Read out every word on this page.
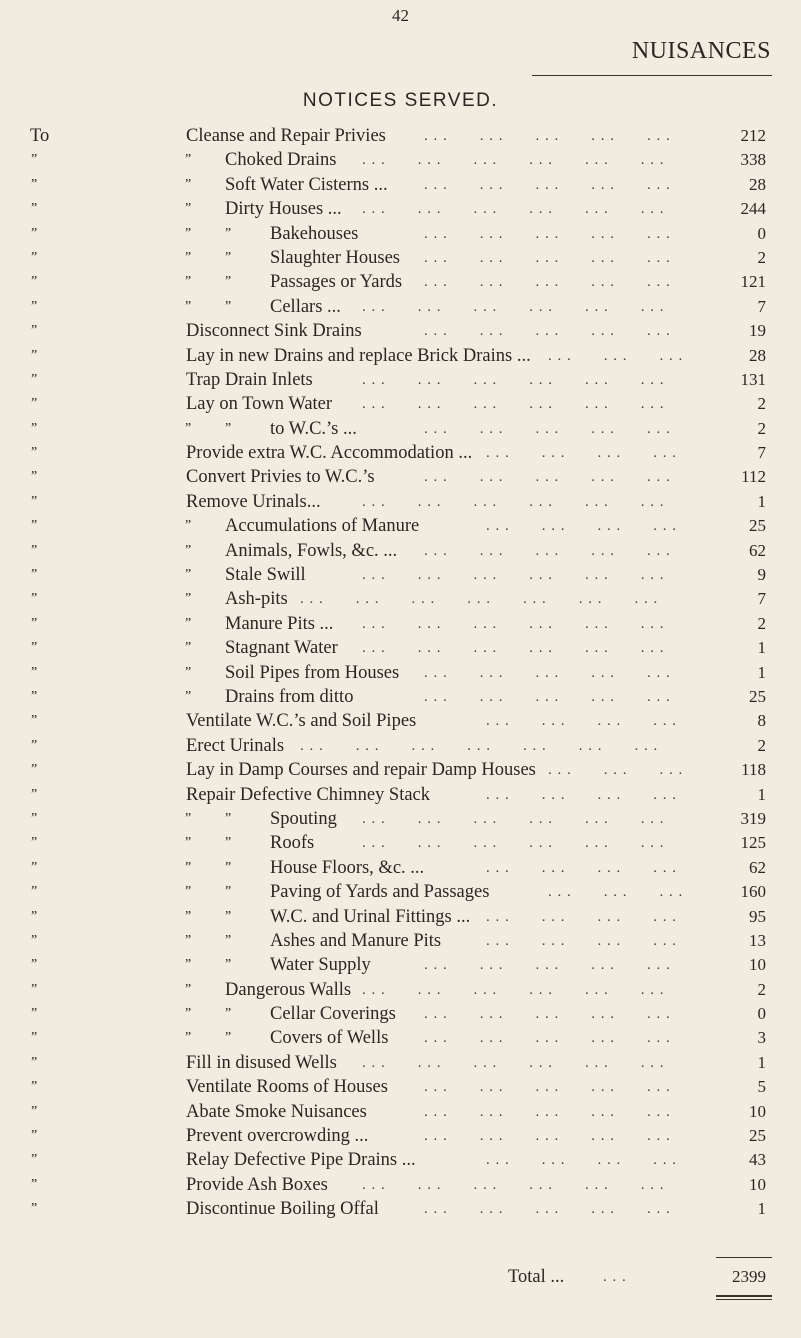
42
NUISANCES
NOTICES SERVED.
To	Cleanse and Repair Privies	212
. . .  . . .  . . .  . . .  . . .
”	” Choked Drains	338
. . .  . . .  . . .  . . .  . . .  . . .
”	” Soft Water Cisterns ...	28
. . .  . . .  . . .  . . .  . . .
”	” Dirty Houses ...	244
. . .  . . .  . . .  . . .  . . .  . . .
”	” ” Bakehouses	0
. . .  . . .  . . .  . . .  . . .
”	” ” Slaughter Houses	2
. . .  . . .  . . .  . . .  . . .
”	” ” Passages or Yards	121
. . .  . . .  . . .  . . .  . . .
”	” ” Cellars ...	7
. . .  . . .  . . .  . . .  . . .  . . .
”	Disconnect Sink Drains	19
. . .  . . .  . . .  . . .  . . .
”	Lay in new Drains and replace Brick Drains ...	28
. . .  . . .  . . .
”	Trap Drain Inlets	131
. . .  . . .  . . .  . . .  . . .  . . .
”	Lay on Town Water	2
. . .  . . .  . . .  . . .  . . .  . . .
”	” ” to W.C.’s ...	2
. . .  . . .  . . .  . . .  . . .
”	Provide extra W.C. Accommodation ...	7
. . .  . . .  . . .  . . .
”	Convert Privies to W.C.’s	112
. . .  . . .  . . .  . . .  . . .
”	Remove Urinals...	1
. . .  . . .  . . .  . . .  . . .  . . .
”	” Accumulations of Manure	25
. . .  . . .  . . .  . . .
”	” Animals, Fowls, &c. ...	62
. . .  . . .  . . .  . . .  . . .
”	” Stale Swill	9
. . .  . . .  . . .  . . .  . . .  . . .
”	” Ash-pits	7
. . .  . . .  . . .  . . .  . . .  . . .  . . .
”	” Manure Pits ...	2
. . .  . . .  . . .  . . .  . . .  . . .
”	” Stagnant Water	1
. . .  . . .  . . .  . . .  . . .  . . .
”	” Soil Pipes from Houses	1
. . .  . . .  . . .  . . .  . . .
”	” Drains from ditto	25
. . .  . . .  . . .  . . .  . . .
”	Ventilate W.C.’s and Soil Pipes	8
. . .  . . .  . . .  . . .
”	Erect Urinals	2
. . .  . . .  . . .  . . .  . . .  . . .  . . .
”	Lay in Damp Courses and repair Damp Houses	118
. . .  . . .  . . .
”	Repair Defective Chimney Stack	1
. . .  . . .  . . .  . . .
”	” ” Spouting	319
. . .  . . .  . . .  . . .  . . .  . . .
”	” ” Roofs	125
. . .  . . .  . . .  . . .  . . .  . . .
”	” ” House Floors, &c. ...	62
. . .  . . .  . . .  . . .
”	” ” Paving of Yards and Passages	160
. . .  . . .  . . .
”	” ” W.C. and Urinal Fittings ...	95
. . .  . . .  . . .  . . .
”	” ” Ashes and Manure Pits	13
. . .  . . .  . . .  . . .
”	” ” Water Supply	10
. . .  . . .  . . .  . . .  . . .
”	” Dangerous Walls	2
. . .  . . .  . . .  . . .  . . .  . . .
”	” ” Cellar Coverings	0
. . .  . . .  . . .  . . .  . . .
”	” ” Covers of Wells	3
. . .  . . .  . . .  . . .  . . .
”	Fill in disused Wells	1
. . .  . . .  . . .  . . .  . . .  . . .
”	Ventilate Rooms of Houses	5
. . .  . . .  . . .  . . .  . . .
”	Abate Smoke Nuisances	10
. . .  . . .  . . .  . . .  . . .
”	Prevent overcrowding ...	25
. . .  . . .  . . .  . . .  . . .
”	Relay Defective Pipe Drains ...	43
. . .  . . .  . . .  . . .
”	Provide Ash Boxes	10
. . .  . . .  . . .  . . .  . . .  . . .
”	Discontinue Boiling Offal	1
. . .  . . .  . . .  . . .  . . .
Total ...	. . .	2399
